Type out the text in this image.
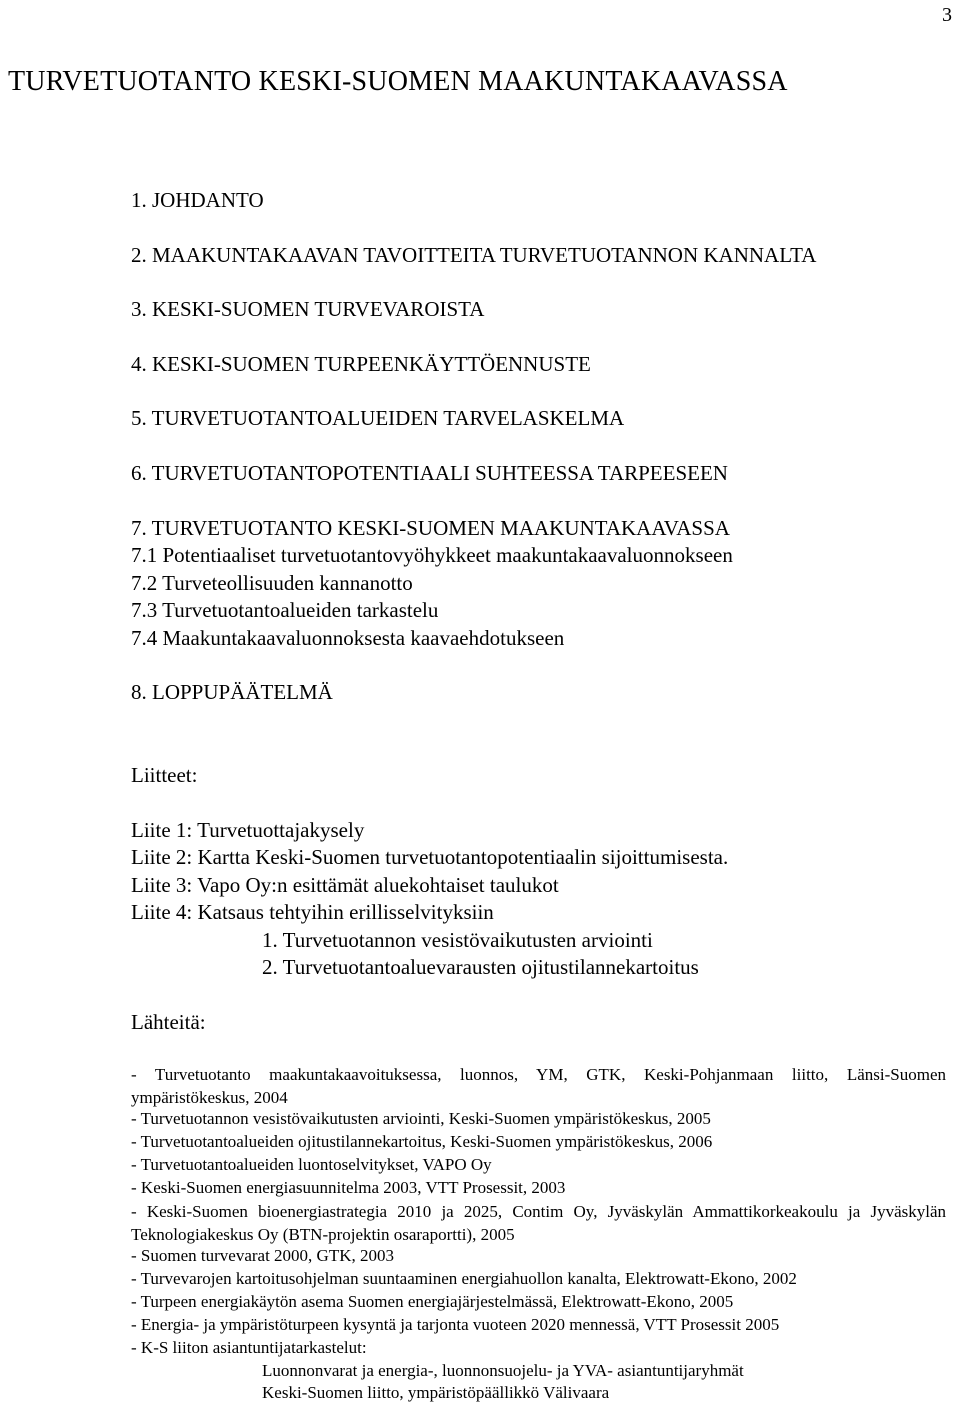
3
TURVETUOTANTO KESKI-SUOMEN MAAKUNTAKAAVASSA
1. JOHDANTO
2. MAAKUNTAKAAVAN TAVOITTEITA TURVETUOTANNON KANNALTA
3. KESKI-SUOMEN TURVEVAROISTA
4. KESKI-SUOMEN TURPEENKÄYTTÖENNUSTE
5. TURVETUOTANTOALUEIDEN TARVELASKELMA
6. TURVETUOTANTOPOTENTIAALI SUHTEESSA TARPEESEEN
7. TURVETUOTANTO KESKI-SUOMEN MAAKUNTAKAAVASSA
7.1 Potentiaaliset turvetuotantovyöhykkeet maakuntakaavaluonnokseen
7.2 Turveteollisuuden kannanotto
7.3 Turvetuotantoalueiden tarkastelu
7.4 Maakuntakaavaluonnoksesta kaavaehdotukseen
8. LOPPUPÄÄTELMÄ
Liitteet:
Liite 1: Turvetuottajakysely
Liite 2: Kartta Keski-Suomen turvetuotantopotentiaalin sijoittumisesta.
Liite 3: Vapo Oy:n esittämät aluekohtaiset taulukot
Liite 4: Katsaus tehtyihin erillisselvityksiin
1. Turvetuotannon vesistövaikutusten arviointi
2. Turvetuotantoaluevarausten ojitustilannekartoitus
Lähteitä:
- Turvetuotanto maakuntakaavoituksessa, luonnos, YM, GTK, Keski-Pohjanmaan liitto, Länsi-Suomen ympäristökeskus, 2004
- Turvetuotannon vesistövaikutusten arviointi, Keski-Suomen ympäristökeskus, 2005
- Turvetuotantoalueiden ojitustilannekartoitus, Keski-Suomen ympäristökeskus, 2006
- Turvetuotantoalueiden luontoselvitykset, VAPO Oy
- Keski-Suomen energiasuunnitelma 2003, VTT Prosessit, 2003
- Keski-Suomen bioenergiastrategia 2010 ja 2025, Contim Oy, Jyväskylän Ammattikorkeakoulu ja Jyväskylän Teknologiakeskus Oy (BTN-projektin osaraportti), 2005
- Suomen turvevarat 2000, GTK, 2003
- Turvevarojen kartoitusohjelman suuntaaminen energiahuollon kanalta, Elektrowatt-Ekono, 2002
- Turpeen energiakäytön asema Suomen energiajärjestelmässä, Elektrowatt-Ekono, 2005
- Energia- ja ympäristöturpeen kysyntä ja tarjonta vuoteen 2020 mennessä, VTT Prosessit 2005
- K-S liiton asiantuntijatarkastelut:
Luonnonvarat ja energia-, luonnonsuojelu- ja YVA- asiantuntijaryhmät
Keski-Suomen liitto, ympäristöpäällikkö Välivaara
